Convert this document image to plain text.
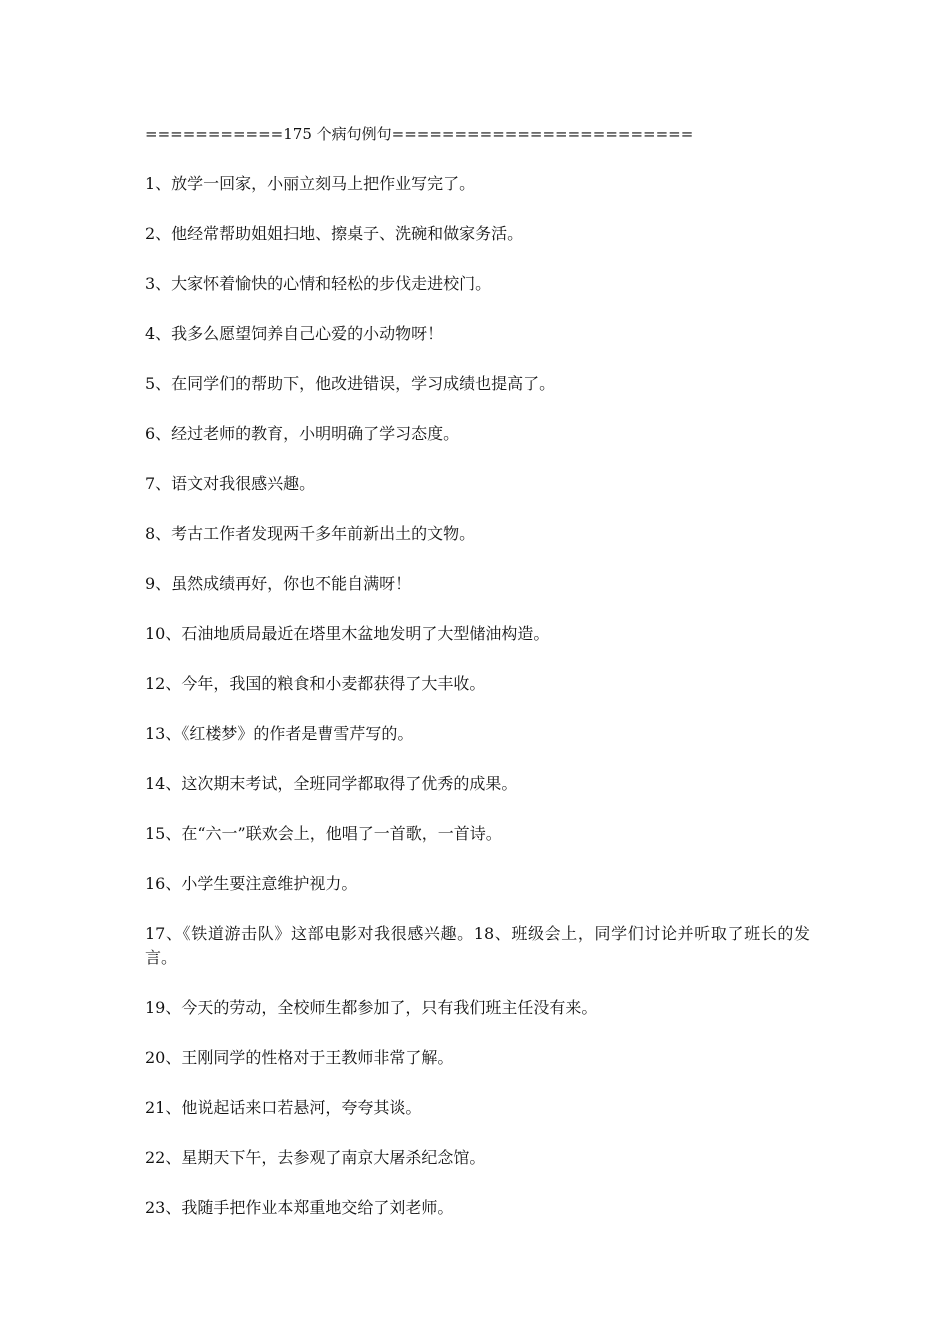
===========175 个病句例句========================
1、放学一回家，小丽立刻马上把作业写完了。
2、他经常帮助姐姐扫地、擦桌子、洗碗和做家务活。
3、大家怀着愉快的心情和轻松的步伐走进校门。
4、我多么愿望饲养自己心爱的小动物呀！
5、在同学们的帮助下，他改进错误，学习成绩也提高了。
6、经过老师的教育，小明明确了学习态度。
7、语文对我很感兴趣。
8、考古工作者发现两千多年前新出土的文物。
9、虽然成绩再好，你也不能自满呀！
10、石油地质局最近在塔里木盆地发明了大型储油构造。
12、今年，我国的粮食和小麦都获得了大丰收。
13、《红楼梦》的作者是曹雪芹写的。
14、这次期末考试，全班同学都取得了优秀的成果。
15、在“六一”联欢会上，他唱了一首歌，一首诗。
16、小学生要注意维护视力。
17、《铁道游击队》这部电影对我很感兴趣。18、班级会上，同学们讨论并听取了班长的发言。
19、今天的劳动，全校师生都参加了，只有我们班主任没有来。
20、王刚同学的性格对于王教师非常了解。
21、他说起话来口若悬河，夸夸其谈。
22、星期天下午，去参观了南京大屠杀纪念馆。
23、我随手把作业本郑重地交给了刘老师。
